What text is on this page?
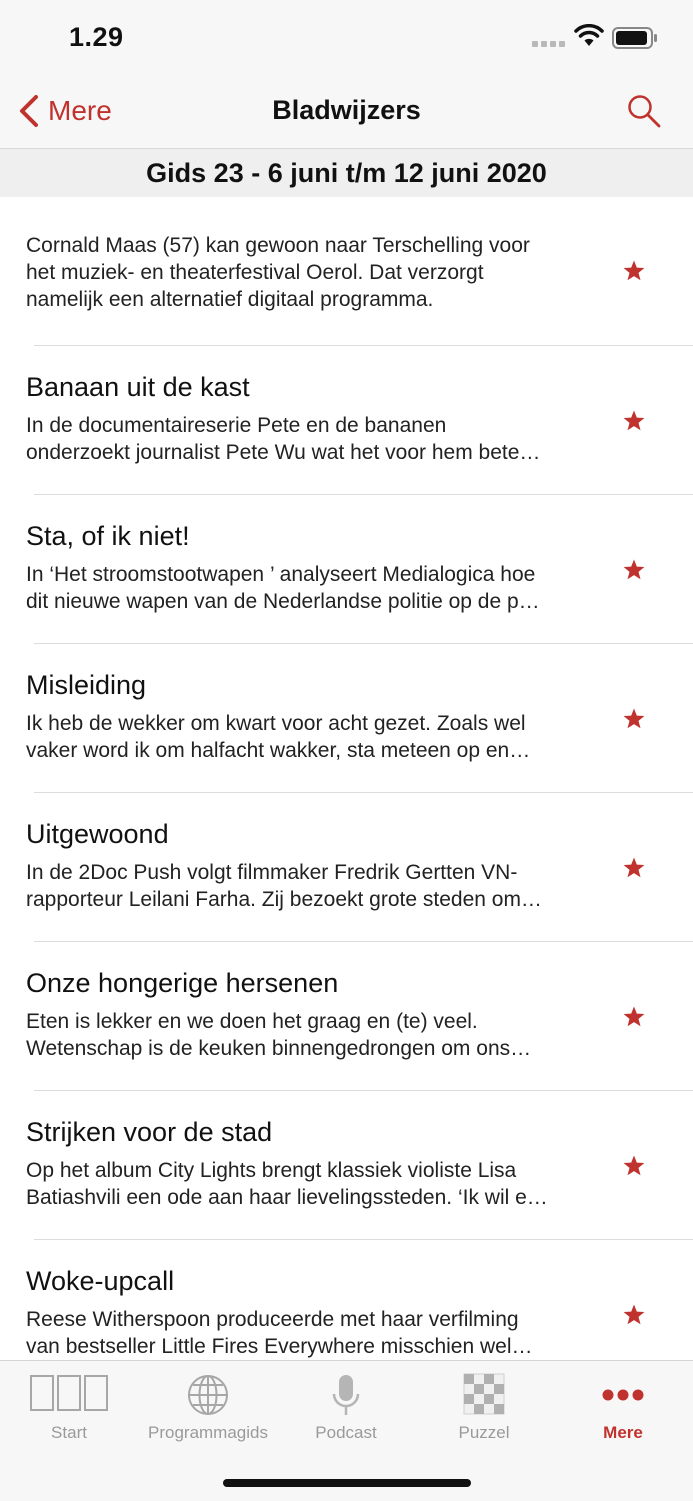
1.29
Mere	Bladwijzers
Gids 23 - 6 juni t/m 12 juni 2020
Cornald Maas (57) kan gewoon naar Terschelling voor
het muziek- en theaterfestival Oerol. Dat verzorgt
namelijk een alternatief digitaal programma.
Banaan uit de kast
In de documentaireserie Pete en de bananen
onderzoekt journalist Pete Wu wat het voor hem bete…
Sta, of ik niet!
In ‘Het stroomstootwapen ’ analyseert Medialogica hoe
dit nieuwe wapen van de Nederlandse politie op de p…
Misleiding
Ik heb de wekker om kwart voor acht gezet. Zoals wel
vaker word ik om halfacht wakker, sta meteen op en…
Uitgewoond
In de 2Doc Push volgt filmmaker Fredrik Gertten VN-
rapporteur Leilani Farha. Zij bezoekt grote steden om…
Onze hongerige hersenen
Eten is lekker en we doen het graag en (te) veel.
Wetenschap is de keuken binnengedrongen om ons…
Strijken voor de stad
Op het album City Lights brengt klassiek violiste Lisa
Batiashvili een ode aan haar lievelingssteden. ‘Ik wil e…
Woke-upcall
Reese Witherspoon produceerde met haar verfilming
van bestseller Little Fires Everywhere misschien wel…
Start	Programmagids	Podcast	Puzzel	Mere
